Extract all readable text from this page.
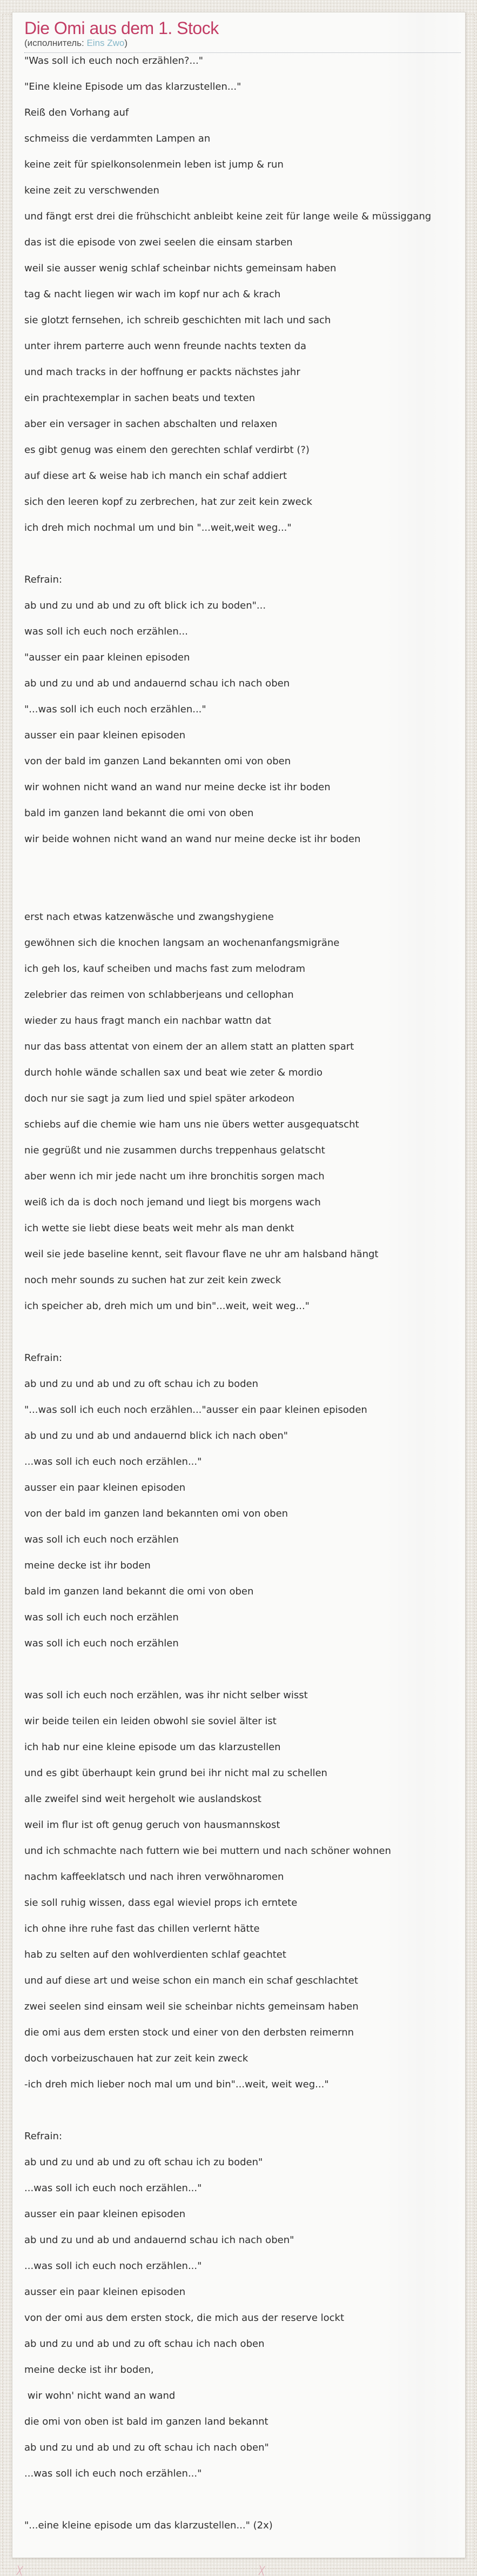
Die Omi aus dem 1. Stock

(исполнитель: Eins Zwo)

"Was soll ich euch noch erzählen?..."

"Eine kleine Episode um das klarzustellen..."

Reiß den Vorhang auf

schmeiss die verdammten Lampen an

keine zeit für spielkonsolenmein leben ist jump & run

keine zeit zu verschwenden

und fängt erst drei die frühschicht anbleibt keine zeit für lange weile & müssiggang

das ist die episode von zwei seelen die einsam starben

weil sie ausser wenig schlaf scheinbar nichts gemeinsam haben

tag & nacht liegen wir wach im kopf nur ach & krach

sie glotzt fernsehen, ich schreib geschichten mit lach und sach

unter ihrem parterre auch wenn freunde nachts texten da

und mach tracks in der hoffnung er packts nächstes jahr

ein prachtexemplar in sachen beats und texten

aber ein versager in sachen abschalten und relaxen

es gibt genug was einem den gerechten schlaf verdirbt (?)

auf diese art & weise hab ich manch ein schaf addiert

sich den leeren kopf zu zerbrechen, hat zur zeit kein zweck

ich dreh mich nochmal um und bin "...weit,weit weg..."

Refrain:

ab und zu und ab und zu oft blick ich zu boden"...

was soll ich euch noch erzählen...

"ausser ein paar kleinen episoden

ab und zu und ab und andauernd schau ich nach oben

"...was soll ich euch noch erzählen..."

ausser ein paar kleinen episoden

von der bald im ganzen Land bekannten omi von oben

wir wohnen nicht wand an wand nur meine decke ist ihr boden

bald im ganzen land bekannt die omi von oben

wir beide wohnen nicht wand an wand nur meine decke ist ihr boden

erst nach etwas katzenwäsche und zwangshygiene

gewöhnen sich die knochen langsam an wochenanfangsmigräne

ich geh los, kauf scheiben und machs fast zum melodram

zelebrier das reimen von schlabberjeans und cellophan

wieder zu haus fragt manch ein nachbar wattn dat

nur das bass attentat von einem der an allem statt an platten spart

durch hohle wände schallen sax und beat wie zeter & mordio

doch nur sie sagt ja zum lied und spiel später arkodeon

schiebs auf die chemie wie ham uns nie übers wetter ausgequatscht

nie gegrüßt und nie zusammen durchs treppenhaus gelatscht

aber wenn ich mir jede nacht um ihre bronchitis sorgen mach

weiß ich da is doch noch jemand und liegt bis morgens wach

ich wette sie liebt diese beats weit mehr als man denkt

weil sie jede baseline kennt, seit flavour flave ne uhr am halsband hängt

noch mehr sounds zu suchen hat zur zeit kein zweck

ich speicher ab, dreh mich um und bin"...weit, weit weg..."

Refrain:

ab und zu und ab und zu oft schau ich zu boden

"...was soll ich euch noch erzählen..."ausser ein paar kleinen episoden

ab und zu und ab und andauernd blick ich nach oben"

...was soll ich euch noch erzählen..."

ausser ein paar kleinen episoden

von der bald im ganzen land bekannten omi von oben

was soll ich euch noch erzählen

meine decke ist ihr boden

bald im ganzen land bekannt die omi von oben

was soll ich euch noch erzählen

was soll ich euch noch erzählen

was soll ich euch noch erzählen, was ihr nicht selber wisst

wir beide teilen ein leiden obwohl sie soviel älter ist

ich hab nur eine kleine episode um das klarzustellen

und es gibt überhaupt kein grund bei ihr nicht mal zu schellen

alle zweifel sind weit hergeholt wie auslandskost

weil im flur ist oft genug geruch von hausmannskost

und ich schmachte nach futtern wie bei muttern und nach schöner wohnen

nachm kaffeeklatsch und nach ihren verwöhnaromen

sie soll ruhig wissen, dass egal wieviel props ich erntete

ich ohne ihre ruhe fast das chillen verlernt hätte

hab zu selten auf den wohlverdienten schlaf geachtet

und auf diese art und weise schon ein manch ein schaf geschlachtet

zwei seelen sind einsam weil sie scheinbar nichts gemeinsam haben

die omi aus dem ersten stock und einer von den derbsten reimernn

doch vorbeizuschauen hat zur zeit kein zweck

-ich dreh mich lieber noch mal um und bin"...weit, weit weg..."

Refrain:

ab und zu und ab und zu oft schau ich zu boden"

...was soll ich euch noch erzählen..."

ausser ein paar kleinen episoden

ab und zu und ab und andauernd schau ich nach oben"

...was soll ich euch noch erzählen..."

ausser ein paar kleinen episoden

von der omi aus dem ersten stock, die mich aus der reserve lockt

ab und zu und ab und zu oft schau ich nach oben

meine decke ist ihr boden,

wir wohn' nicht wand an wand

die omi von oben ist bald im ganzen land bekannt

ab und zu und ab und zu oft schau ich nach oben"

...was soll ich euch noch erzählen..."

"...eine kleine episode um das klarzustellen..." (2x)

╳	╳
